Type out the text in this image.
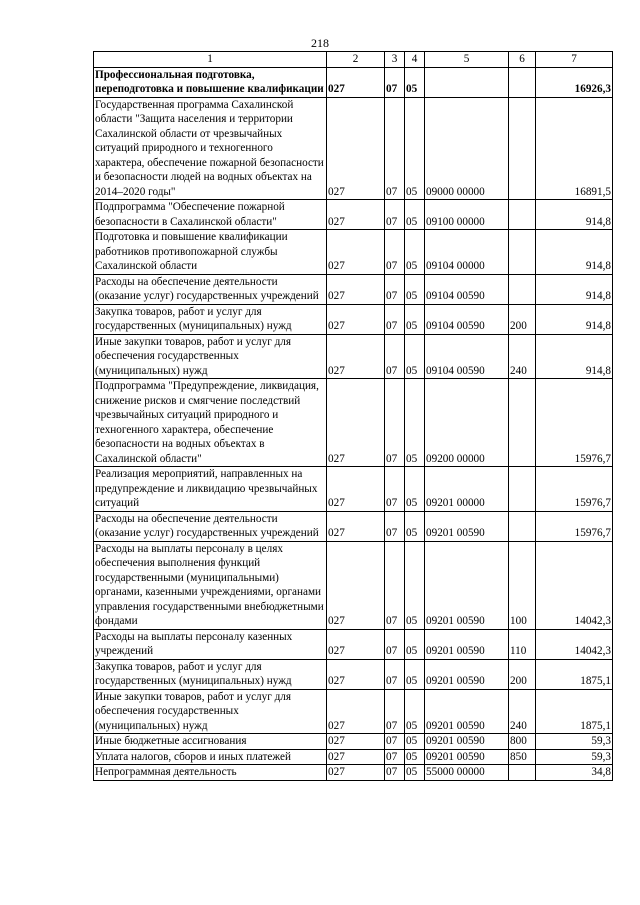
218
1	2	3	4	5	6	7
Профессиональная подготовка, переподготовка и повышение квалификации	027	07	05			16926,3
Государственная программа Сахалинской области "Защита населения и территории Сахалинской области от чрезвычайных ситуаций природного и техногенного характера, обеспечение пожарной безопасности и безопасности людей на водных объектах на 2014–2020 годы"	027	07	05	09000 00000		16891,5
Подпрограмма "Обеспечение пожарной безопасности в Сахалинской области"	027	07	05	09100 00000		914,8
Подготовка и повышение квалификации работников противопожарной службы Сахалинской области	027	07	05	09104 00000		914,8
Расходы на обеспечение деятельности (оказание услуг) государственных учреждений	027	07	05	09104 00590		914,8
Закупка товаров, работ и услуг для государственных (муниципальных) нужд	027	07	05	09104 00590	200	914,8
Иные закупки товаров, работ и услуг для обеспечения государственных (муниципальных) нужд	027	07	05	09104 00590	240	914,8
Подпрограмма "Предупреждение, ликвидация, снижение рисков и смягчение последствий чрезвычайных ситуаций природного и техногенного характера, обеспечение безопасности на водных объектах в Сахалинской области"	027	07	05	09200 00000		15976,7
Реализация мероприятий, направленных на предупреждение и ликвидацию чрезвычайных ситуаций	027	07	05	09201 00000		15976,7
Расходы на обеспечение деятельности (оказание услуг) государственных учреждений	027	07	05	09201 00590		15976,7
Расходы на выплаты персоналу в целях обеспечения выполнения функций государственными (муниципальными) органами, казенными учреждениями, органами управления государственными внебюджетными фондами	027	07	05	09201 00590	100	14042,3
Расходы на выплаты персоналу казенных учреждений	027	07	05	09201 00590	110	14042,3
Закупка товаров, работ и услуг для государственных (муниципальных) нужд	027	07	05	09201 00590	200	1875,1
Иные закупки товаров, работ и услуг для обеспечения государственных (муниципальных) нужд	027	07	05	09201 00590	240	1875,1
Иные бюджетные ассигнования	027	07	05	09201 00590	800	59,3
Уплата налогов, сборов и иных платежей	027	07	05	09201 00590	850	59,3
Непрограммная деятельность	027	07	05	55000 00000		34,8
